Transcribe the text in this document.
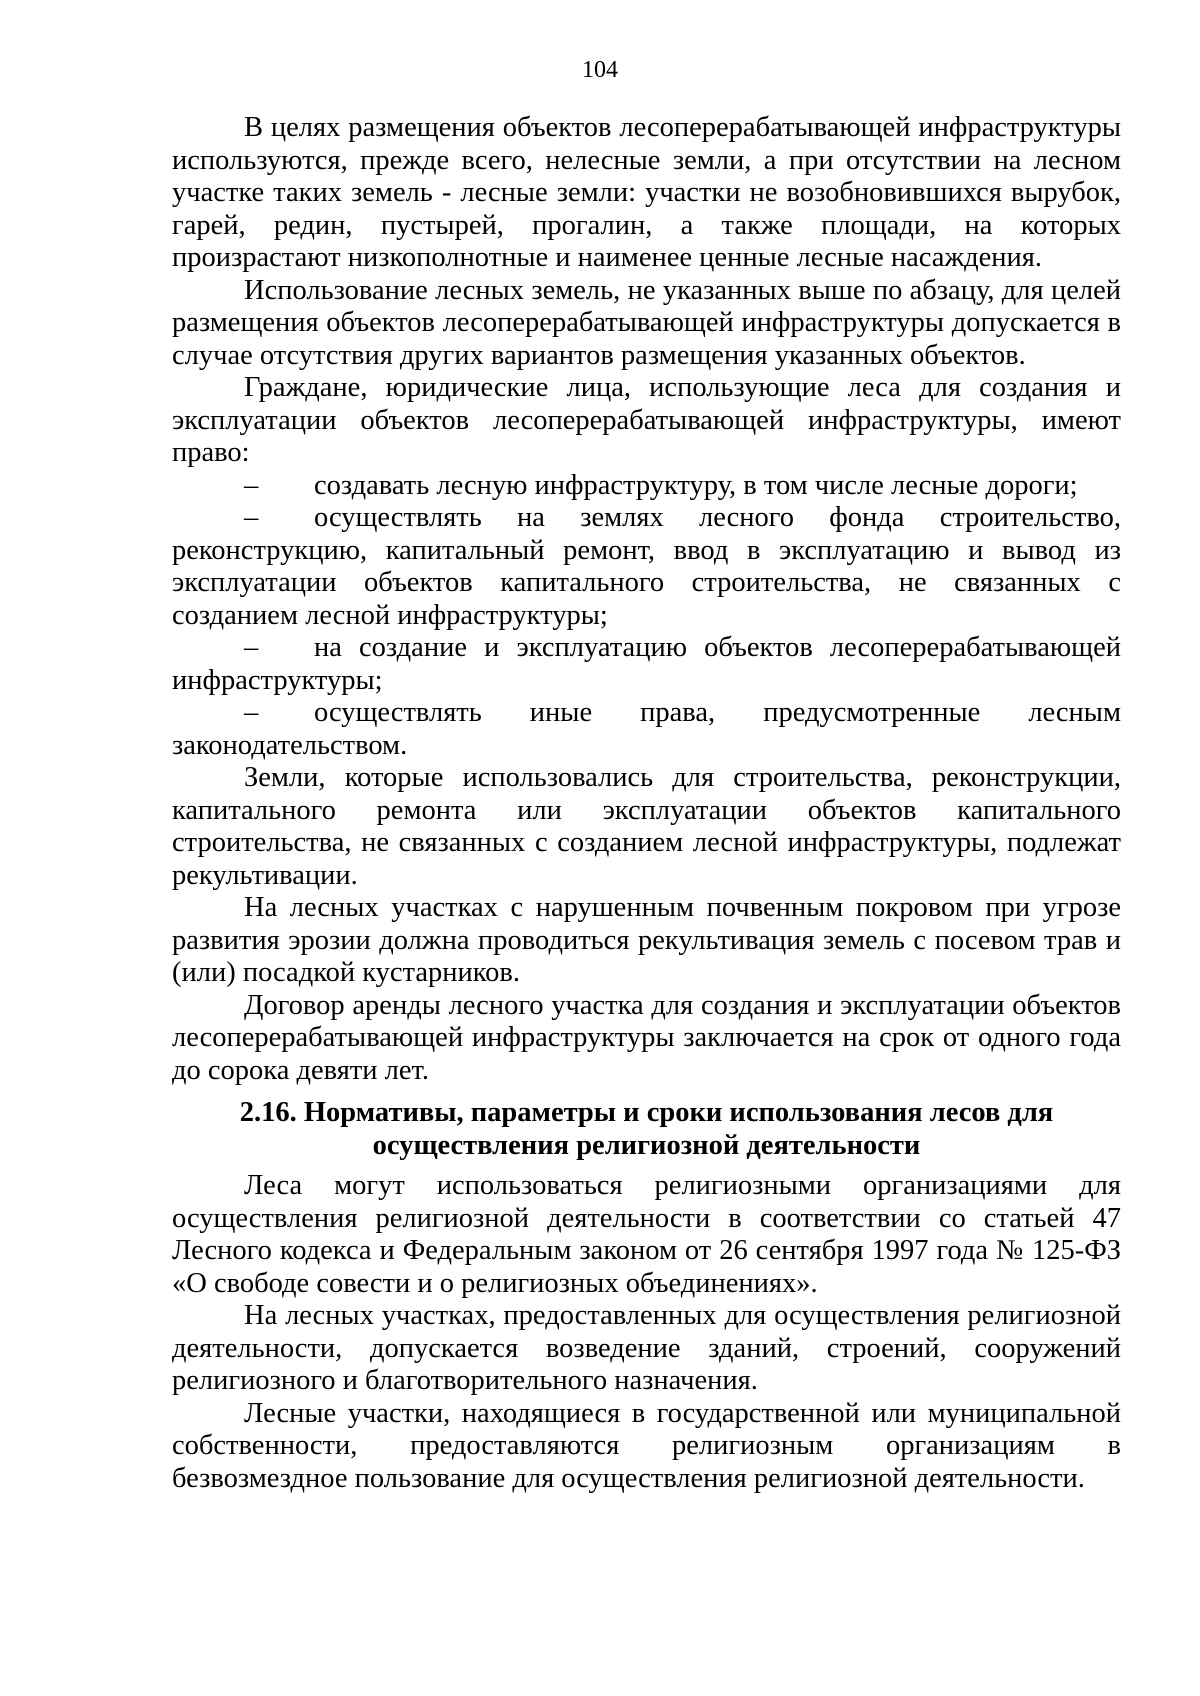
104

В целях размещения объектов лесоперерабатывающей инфраструктуры используются, прежде всего, нелесные земли, а при отсутствии на лесном участке таких земель - лесные земли: участки не возобновившихся вырубок, гарей, редин, пустырей, прогалин, а также площади, на которых произрастают низкополнотные и наименее ценные лесные насаждения.

Использование лесных земель, не указанных выше по абзацу, для целей размещения объектов лесоперерабатывающей инфраструктуры допускается в случае отсутствия других вариантов размещения указанных объектов.

Граждане, юридические лица, использующие леса для создания и эксплуатации объектов лесоперерабатывающей инфраструктуры, имеют право:

– создавать лесную инфраструктуру, в том числе лесные дороги;

– осуществлять на землях лесного фонда строительство, реконструкцию, капитальный ремонт, ввод в эксплуатацию и вывод из эксплуатации объектов капитального строительства, не связанных с созданием лесной инфраструктуры;

– на создание и эксплуатацию объектов лесоперерабатывающей инфраструктуры;

– осуществлять иные права, предусмотренные лесным законодательством.

Земли, которые использовались для строительства, реконструкции, капитального ремонта или эксплуатации объектов капитального строительства, не связанных с созданием лесной инфраструктуры, подлежат рекультивации.

На лесных участках с нарушенным почвенным покровом при угрозе развития эрозии должна проводиться рекультивация земель с посевом трав и (или) посадкой кустарников.

Договор аренды лесного участка для создания и эксплуатации объектов лесоперерабатывающей инфраструктуры заключается на срок от одного года до сорока девяти лет.

2.16. Нормативы, параметры и сроки использования лесов для осуществления религиозной деятельности

Леса могут использоваться религиозными организациями для осуществления религиозной деятельности в соответствии со статьей 47 Лесного кодекса и Федеральным законом от 26 сентября 1997 года № 125-ФЗ «О свободе совести и о религиозных объединениях».

На лесных участках, предоставленных для осуществления религиозной деятельности, допускается возведение зданий, строений, сооружений религиозного и благотворительного назначения.

Лесные участки, находящиеся в государственной или муниципальной собственности, предоставляются религиозным организациям в безвозмездное пользование для осуществления религиозной деятельности.
